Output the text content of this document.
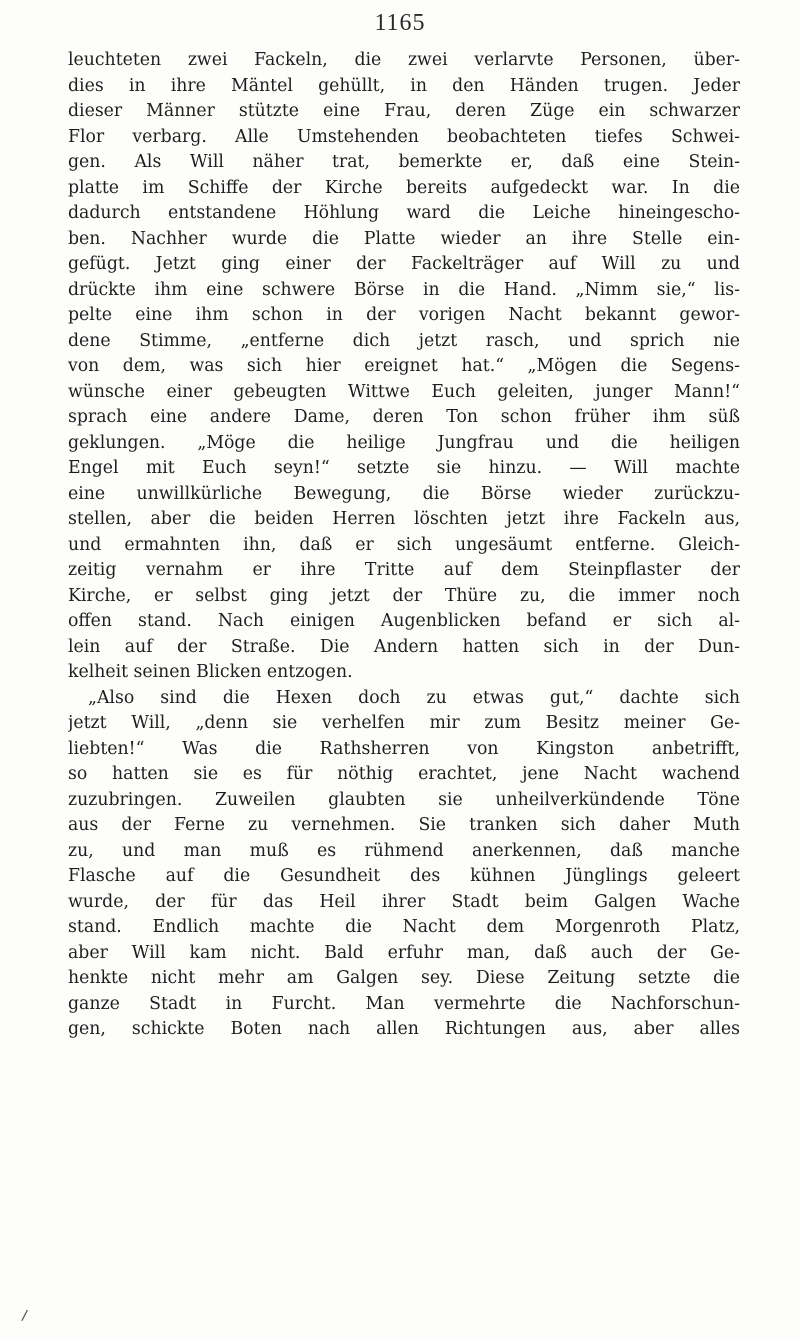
1165
leuchteten zwei Fackeln, die zwei verlarvte Personen, über-
dies in ihre Mäntel gehüllt, in den Händen trugen. Jeder
dieser Männer stützte eine Frau, deren Züge ein schwarzer
Flor verbarg. Alle Umstehenden beobachteten tiefes Schwei-
gen. Als Will näher trat, bemerkte er, daß eine Stein-
platte im Schiffe der Kirche bereits aufgedeckt war. In die
dadurch entstandene Höhlung ward die Leiche hineingescho-
ben. Nachher wurde die Platte wieder an ihre Stelle ein-
gefügt. Jetzt ging einer der Fackelträger auf Will zu und
drückte ihm eine schwere Börse in die Hand. „Nimm sie,“ lis-
pelte eine ihm schon in der vorigen Nacht bekannt gewor-
dene Stimme, „entferne dich jetzt rasch, und sprich nie
von dem, was sich hier ereignet hat.“ „Mögen die Segens-
wünsche einer gebeugten Wittwe Euch geleiten, junger Mann!“
sprach eine andere Dame, deren Ton schon früher ihm süß
geklungen. „Möge die heilige Jungfrau und die heiligen
Engel mit Euch seyn!“ setzte sie hinzu. — Will machte
eine unwillkürliche Bewegung, die Börse wieder zurückzu-
stellen, aber die beiden Herren löschten jetzt ihre Fackeln aus,
und ermahnten ihn, daß er sich ungesäumt entferne. Gleich-
zeitig vernahm er ihre Tritte auf dem Steinpflaster der
Kirche, er selbst ging jetzt der Thüre zu, die immer noch
offen stand. Nach einigen Augenblicken befand er sich al-
lein auf der Straße. Die Andern hatten sich in der Dun-
kelheit seinen Blicken entzogen.
„Also sind die Hexen doch zu etwas gut,“ dachte sich
jetzt Will, „denn sie verhelfen mir zum Besitz meiner Ge-
liebten!“ Was die Rathsherren von Kingston anbetrifft,
so hatten sie es für nöthig erachtet, jene Nacht wachend
zuzubringen. Zuweilen glaubten sie unheilverkündende Töne
aus der Ferne zu vernehmen. Sie tranken sich daher Muth
zu, und man muß es rühmend anerkennen, daß manche
Flasche auf die Gesundheit des kühnen Jünglings geleert
wurde, der für das Heil ihrer Stadt beim Galgen Wache
stand. Endlich machte die Nacht dem Morgenroth Platz,
aber Will kam nicht. Bald erfuhr man, daß auch der Ge-
henkte nicht mehr am Galgen sey. Diese Zeitung setzte die
ganze Stadt in Furcht. Man vermehrte die Nachforschun-
gen, schickte Boten nach allen Richtungen aus, aber alles
/
